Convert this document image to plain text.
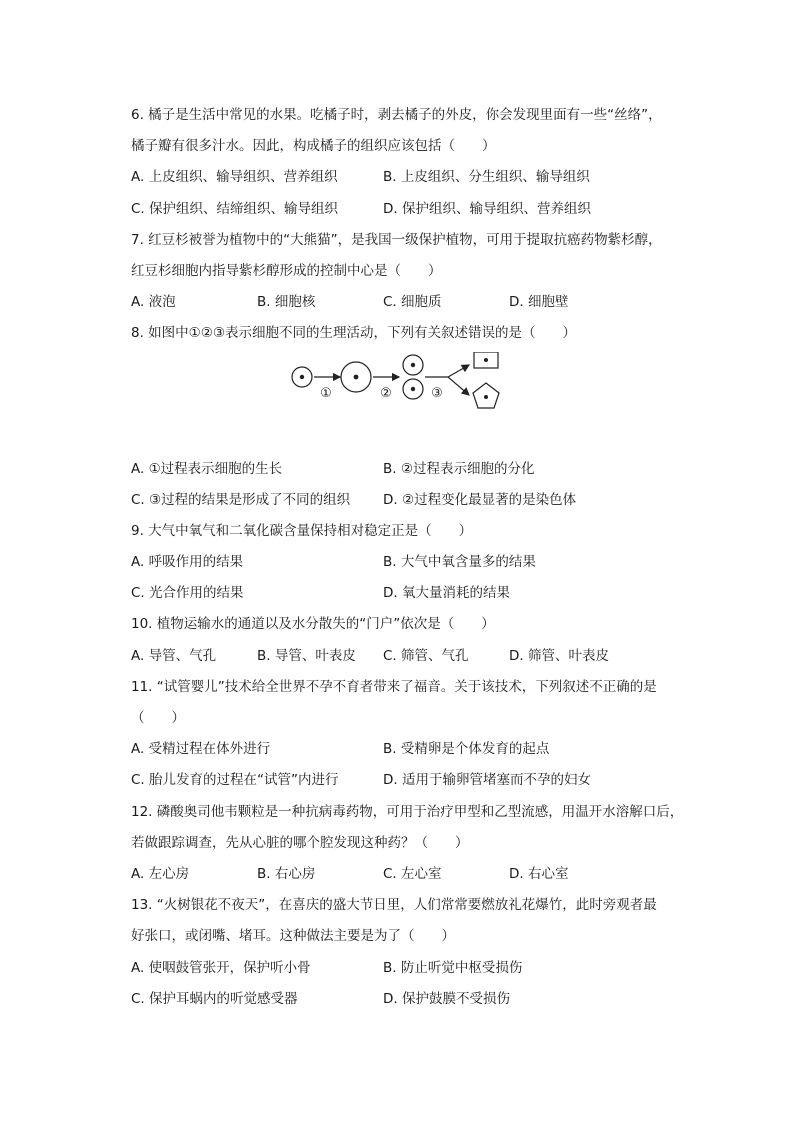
6. 橘子是生活中常见的水果。吃橘子时，剥去橘子的外皮，你会发现里面有一些“丝络”，
橘子瓣有很多汁水。因此，构成橘子的组织应该包括（　　）
A. 上皮组织、输导组织、营养组织	B. 上皮组织、分生组织、输导组织
C. 保护组织、结缔组织、输导组织	D. 保护组织、输导组织、营养组织
7. 红豆杉被誉为植物中的“大熊猫”，是我国一级保护植物，可用于提取抗癌药物紫杉醇，
红豆杉细胞内指导紫杉醇形成的控制中心是（　　）
A. 液泡	B. 细胞核	C. 细胞质	D. 细胞壁
8. 如图中①②③表示细胞不同的生理活动，下列有关叙述错误的是（　　）
①	②	③
A. ①过程表示细胞的生长	B. ②过程表示细胞的分化
C. ③过程的结果是形成了不同的组织	D. ②过程变化最显著的是染色体
9. 大气中氧气和二氧化碳含量保持相对稳定正是（　　）
A. 呼吸作用的结果	B. 大气中氧含量多的结果
C. 光合作用的结果	D. 氧大量消耗的结果
10. 植物运输水的通道以及水分散失的“门户”依次是（　　）
A. 导管、气孔	B. 导管、叶表皮	C. 筛管、气孔	D. 筛管、叶表皮
11. “试管婴儿”技术给全世界不孕不育者带来了福音。关于该技术，下列叙述不正确的是
（　　）
A. 受精过程在体外进行	B. 受精卵是个体发育的起点
C. 胎儿发育的过程在“试管”内进行	D. 适用于输卵管堵塞而不孕的妇女
12. 磷酸奥司他韦颗粒是一种抗病毒药物，可用于治疗甲型和乙型流感，用温开水溶解口后，
若做跟踪调查，先从心脏的哪个腔发现这种药？（　　）
A. 左心房	B. 右心房	C. 左心室	D. 右心室
13. “火树银花不夜天”，在喜庆的盛大节日里，人们常常要燃放礼花爆竹，此时旁观者最
好张口，或闭嘴、堵耳。这种做法主要是为了（　　）
A. 使咽鼓管张开，保护听小骨	B. 防止听觉中枢受损伤
C. 保护耳蜗内的听觉感受器	D. 保护鼓膜不受损伤
